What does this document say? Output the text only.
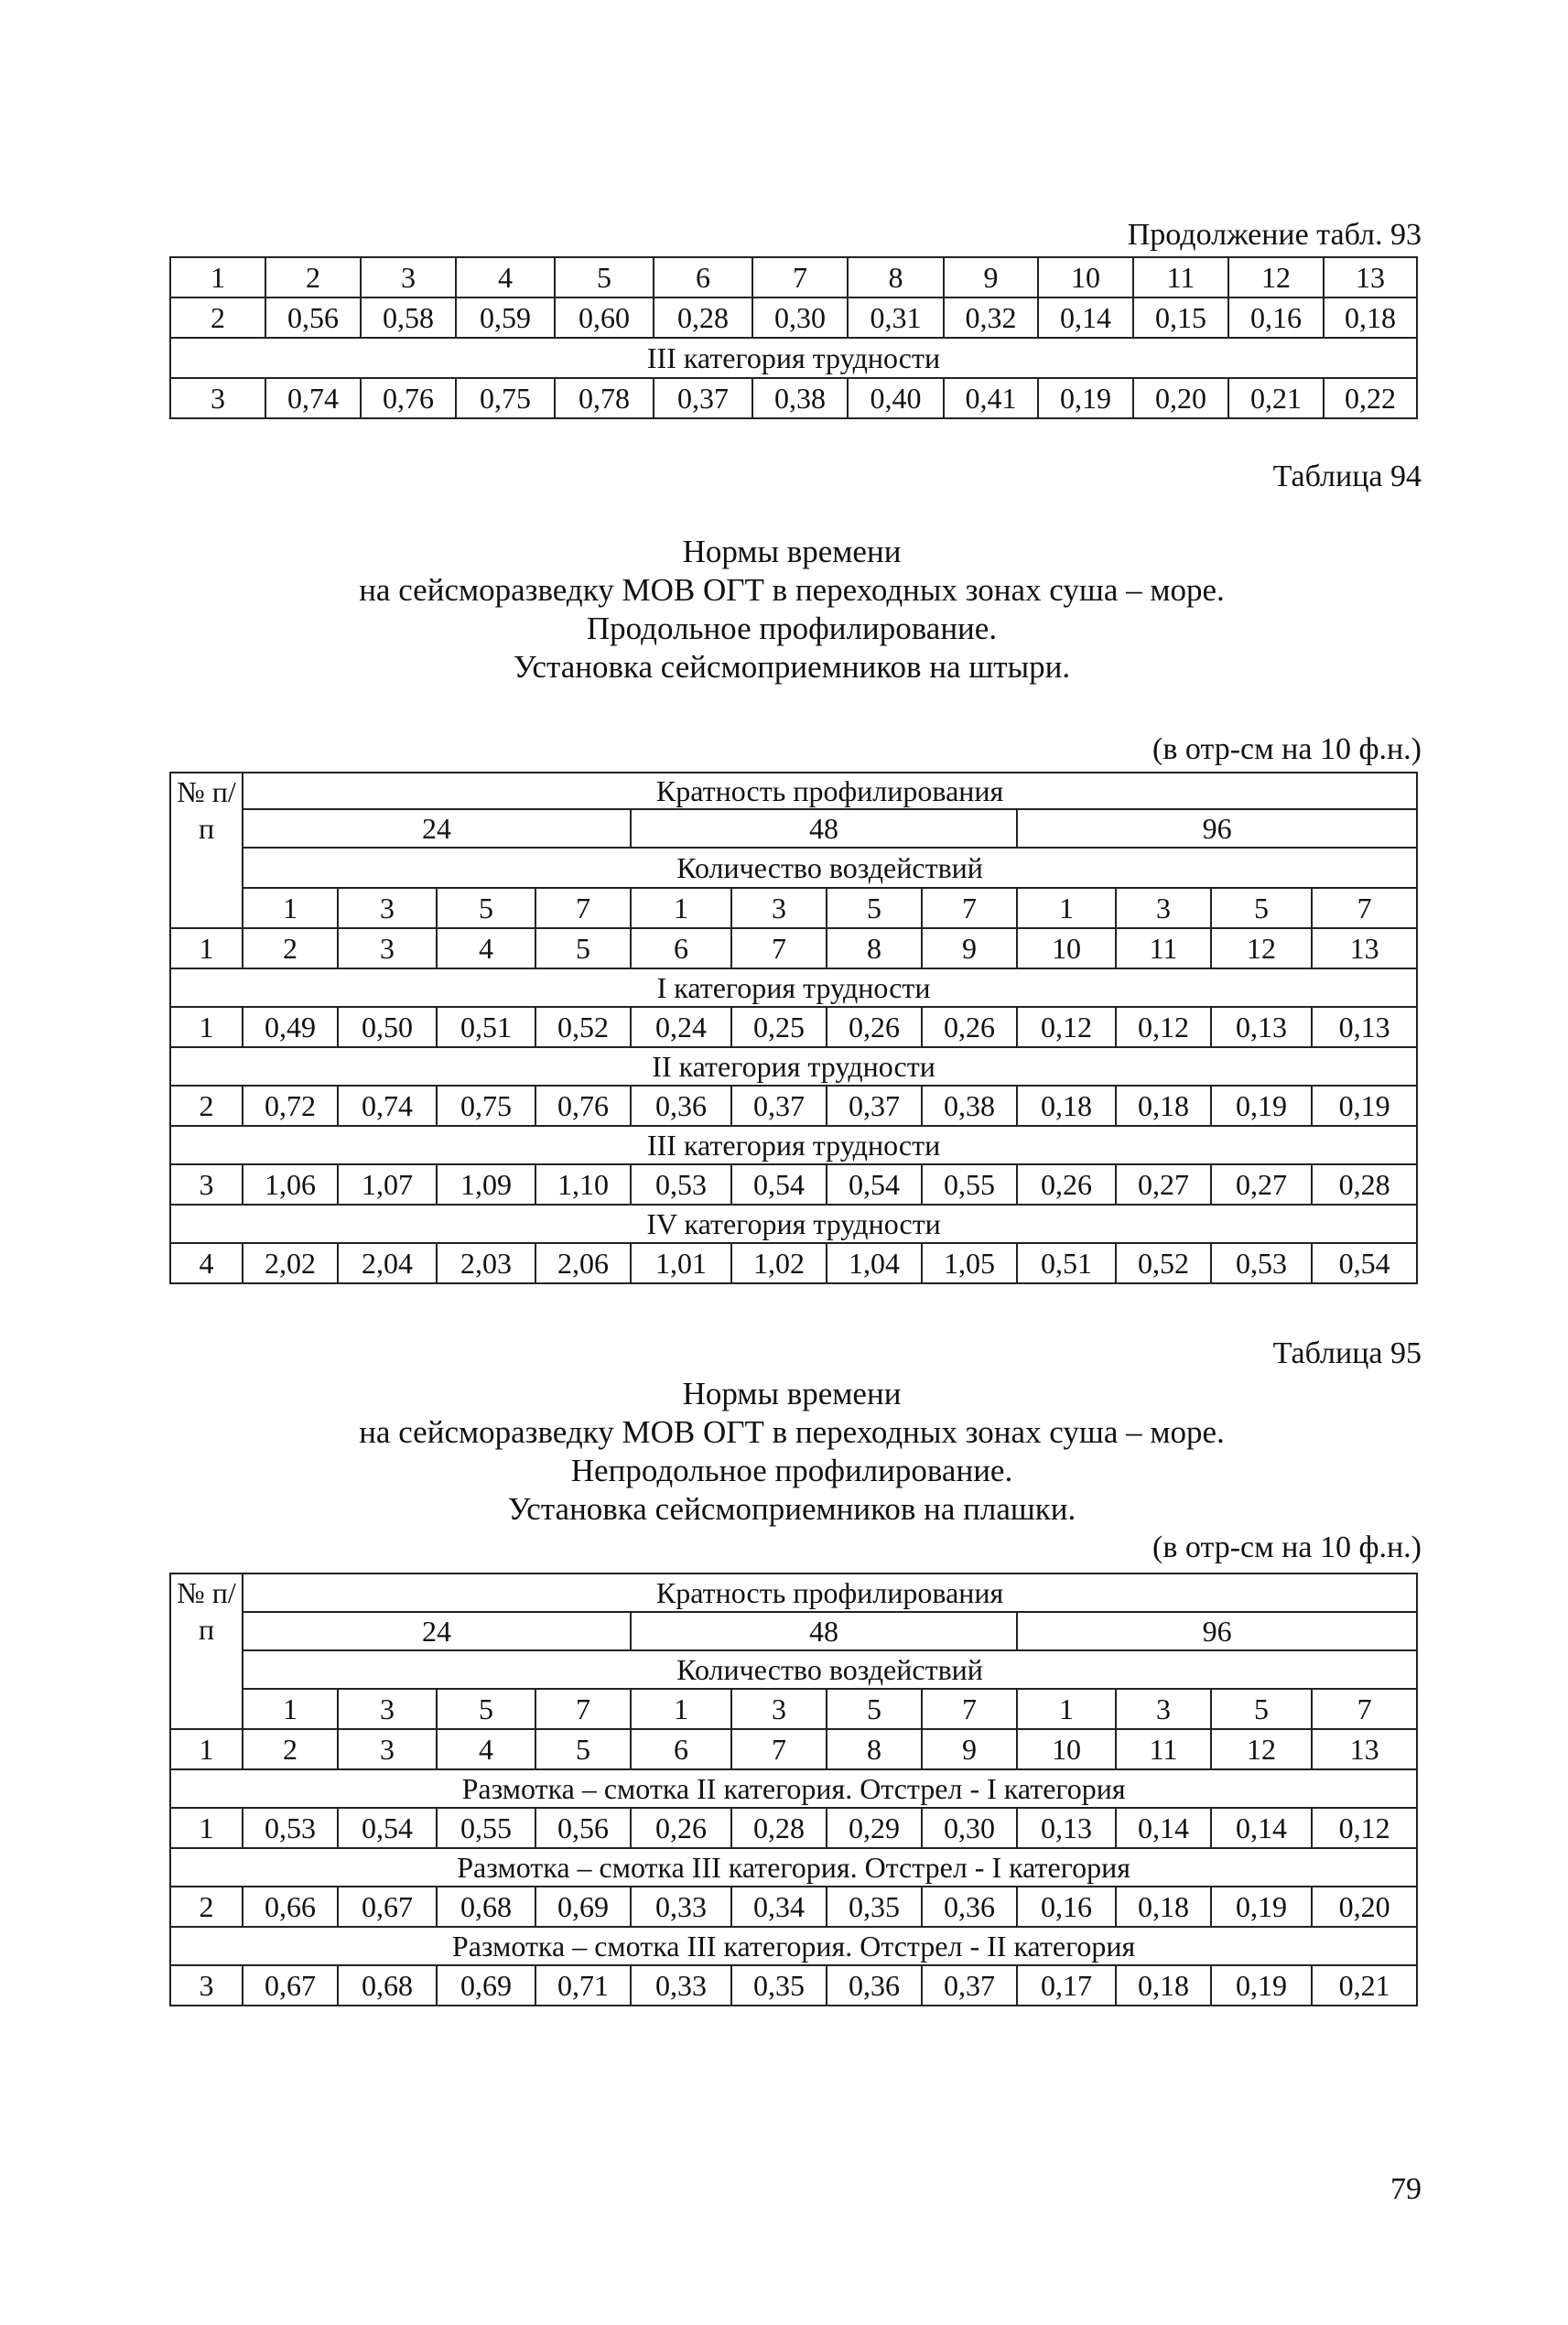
Продолжение табл. 93
1	2	3	4	5	6	7	8	9	10	11	12	13
2	0,56	0,58	0,59	0,60	0,28	0,30	0,31	0,32	0,14	0,15	0,16	0,18
III категория трудности												
3	0,74	0,76	0,75	0,78	0,37	0,38	0,40	0,41	0,19	0,20	0,21	0,22
Таблица 94
Нормы времени
на сейсморазведку МОВ ОГТ в переходных зонах суша – море.
Продольное профилирование.
Установка сейсмоприемников на штыри.
(в отр-см на 10 ф.н.)
№ п/п	Кратность профилирования											
	24				48				96			
	Количество воздействий											
	1	3	5	7	1	3	5	7	1	3	5	7
1	2	3	4	5	6	7	8	9	10	11	12	13
I категория трудности												
1	0,49	0,50	0,51	0,52	0,24	0,25	0,26	0,26	0,12	0,12	0,13	0,13
II категория трудности												
2	0,72	0,74	0,75	0,76	0,36	0,37	0,37	0,38	0,18	0,18	0,19	0,19
III категория трудности												
3	1,06	1,07	1,09	1,10	0,53	0,54	0,54	0,55	0,26	0,27	0,27	0,28
IV категория трудности												
4	2,02	2,04	2,03	2,06	1,01	1,02	1,04	1,05	0,51	0,52	0,53	0,54
Таблица 95
Нормы времени
на сейсморазведку МОВ ОГТ в переходных зонах суша – море.
Непродольное профилирование.
Установка сейсмоприемников на плашки.
(в отр-см на 10 ф.н.)
№ п/п	Кратность профилирования											
	24				48				96			
	Количество воздействий											
	1	3	5	7	1	3	5	7	1	3	5	7
1	2	3	4	5	6	7	8	9	10	11	12	13
Размотка – смотка II категория. Отстрел - I категория												
1	0,53	0,54	0,55	0,56	0,26	0,28	0,29	0,30	0,13	0,14	0,14	0,12
Размотка – смотка III категория. Отстрел - I категория												
2	0,66	0,67	0,68	0,69	0,33	0,34	0,35	0,36	0,16	0,18	0,19	0,20
Размотка – смотка III категория. Отстрел - II категория												
3	0,67	0,68	0,69	0,71	0,33	0,35	0,36	0,37	0,17	0,18	0,19	0,21
79
